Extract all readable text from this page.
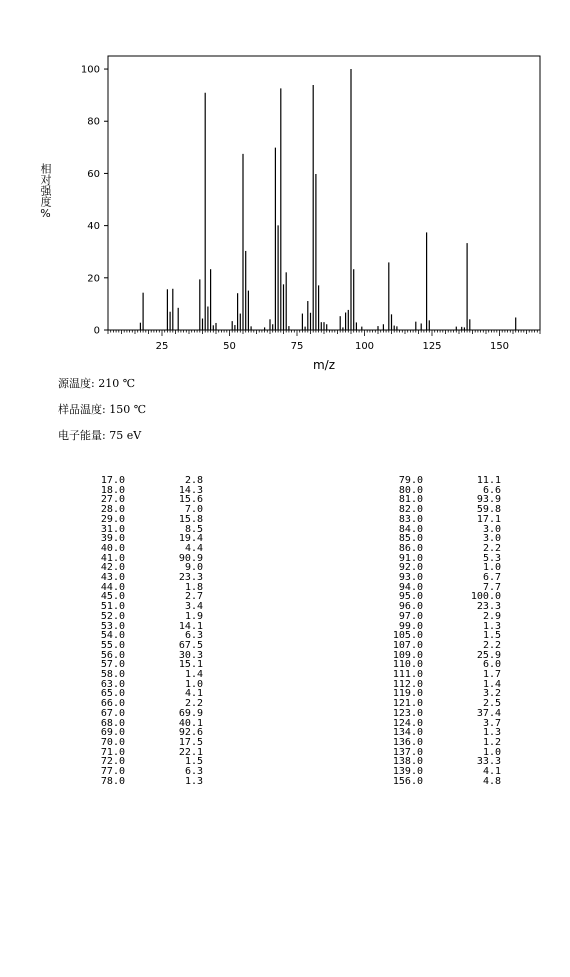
0
20
40
60
80
100
25	50	75	100	125	150
m/z
相对强度%
源温度: 210 ℃
样品温度: 150 ℃
电子能量: 75 eV
17.0		2.8
18.0		14.3
27.0		15.6
28.0		7.0
29.0		15.8
31.0		8.5
39.0		19.4
40.0		4.4
41.0		90.9
42.0		9.0
43.0		23.3
44.0		1.8
45.0		2.7
51.0		3.4
52.0		1.9
53.0		14.1
54.0		6.3
55.0		67.5
56.0		30.3
57.0		15.1
58.0		1.4
63.0		1.0
65.0		4.1
66.0		2.2
67.0		69.9
68.0		40.1
69.0		92.6
70.0		17.5
71.0		22.1
72.0		1.5
77.0		6.3
78.0		1.3
79.0		11.1
80.0		6.6
81.0		93.9
82.0		59.8
83.0		17.1
84.0		3.0
85.0		3.0
86.0		2.2
91.0		5.3
92.0		1.0
93.0		6.7
94.0		7.7
95.0		100.0
96.0		23.3
97.0		2.9
99.0		1.3
105.0		1.5
107.0		2.2
109.0		25.9
110.0		6.0
111.0		1.7
112.0		1.4
119.0		3.2
121.0		2.5
123.0		37.4
124.0		3.7
134.0		1.3
136.0		1.2
137.0		1.0
138.0		33.3
139.0		4.1
156.0		4.8
